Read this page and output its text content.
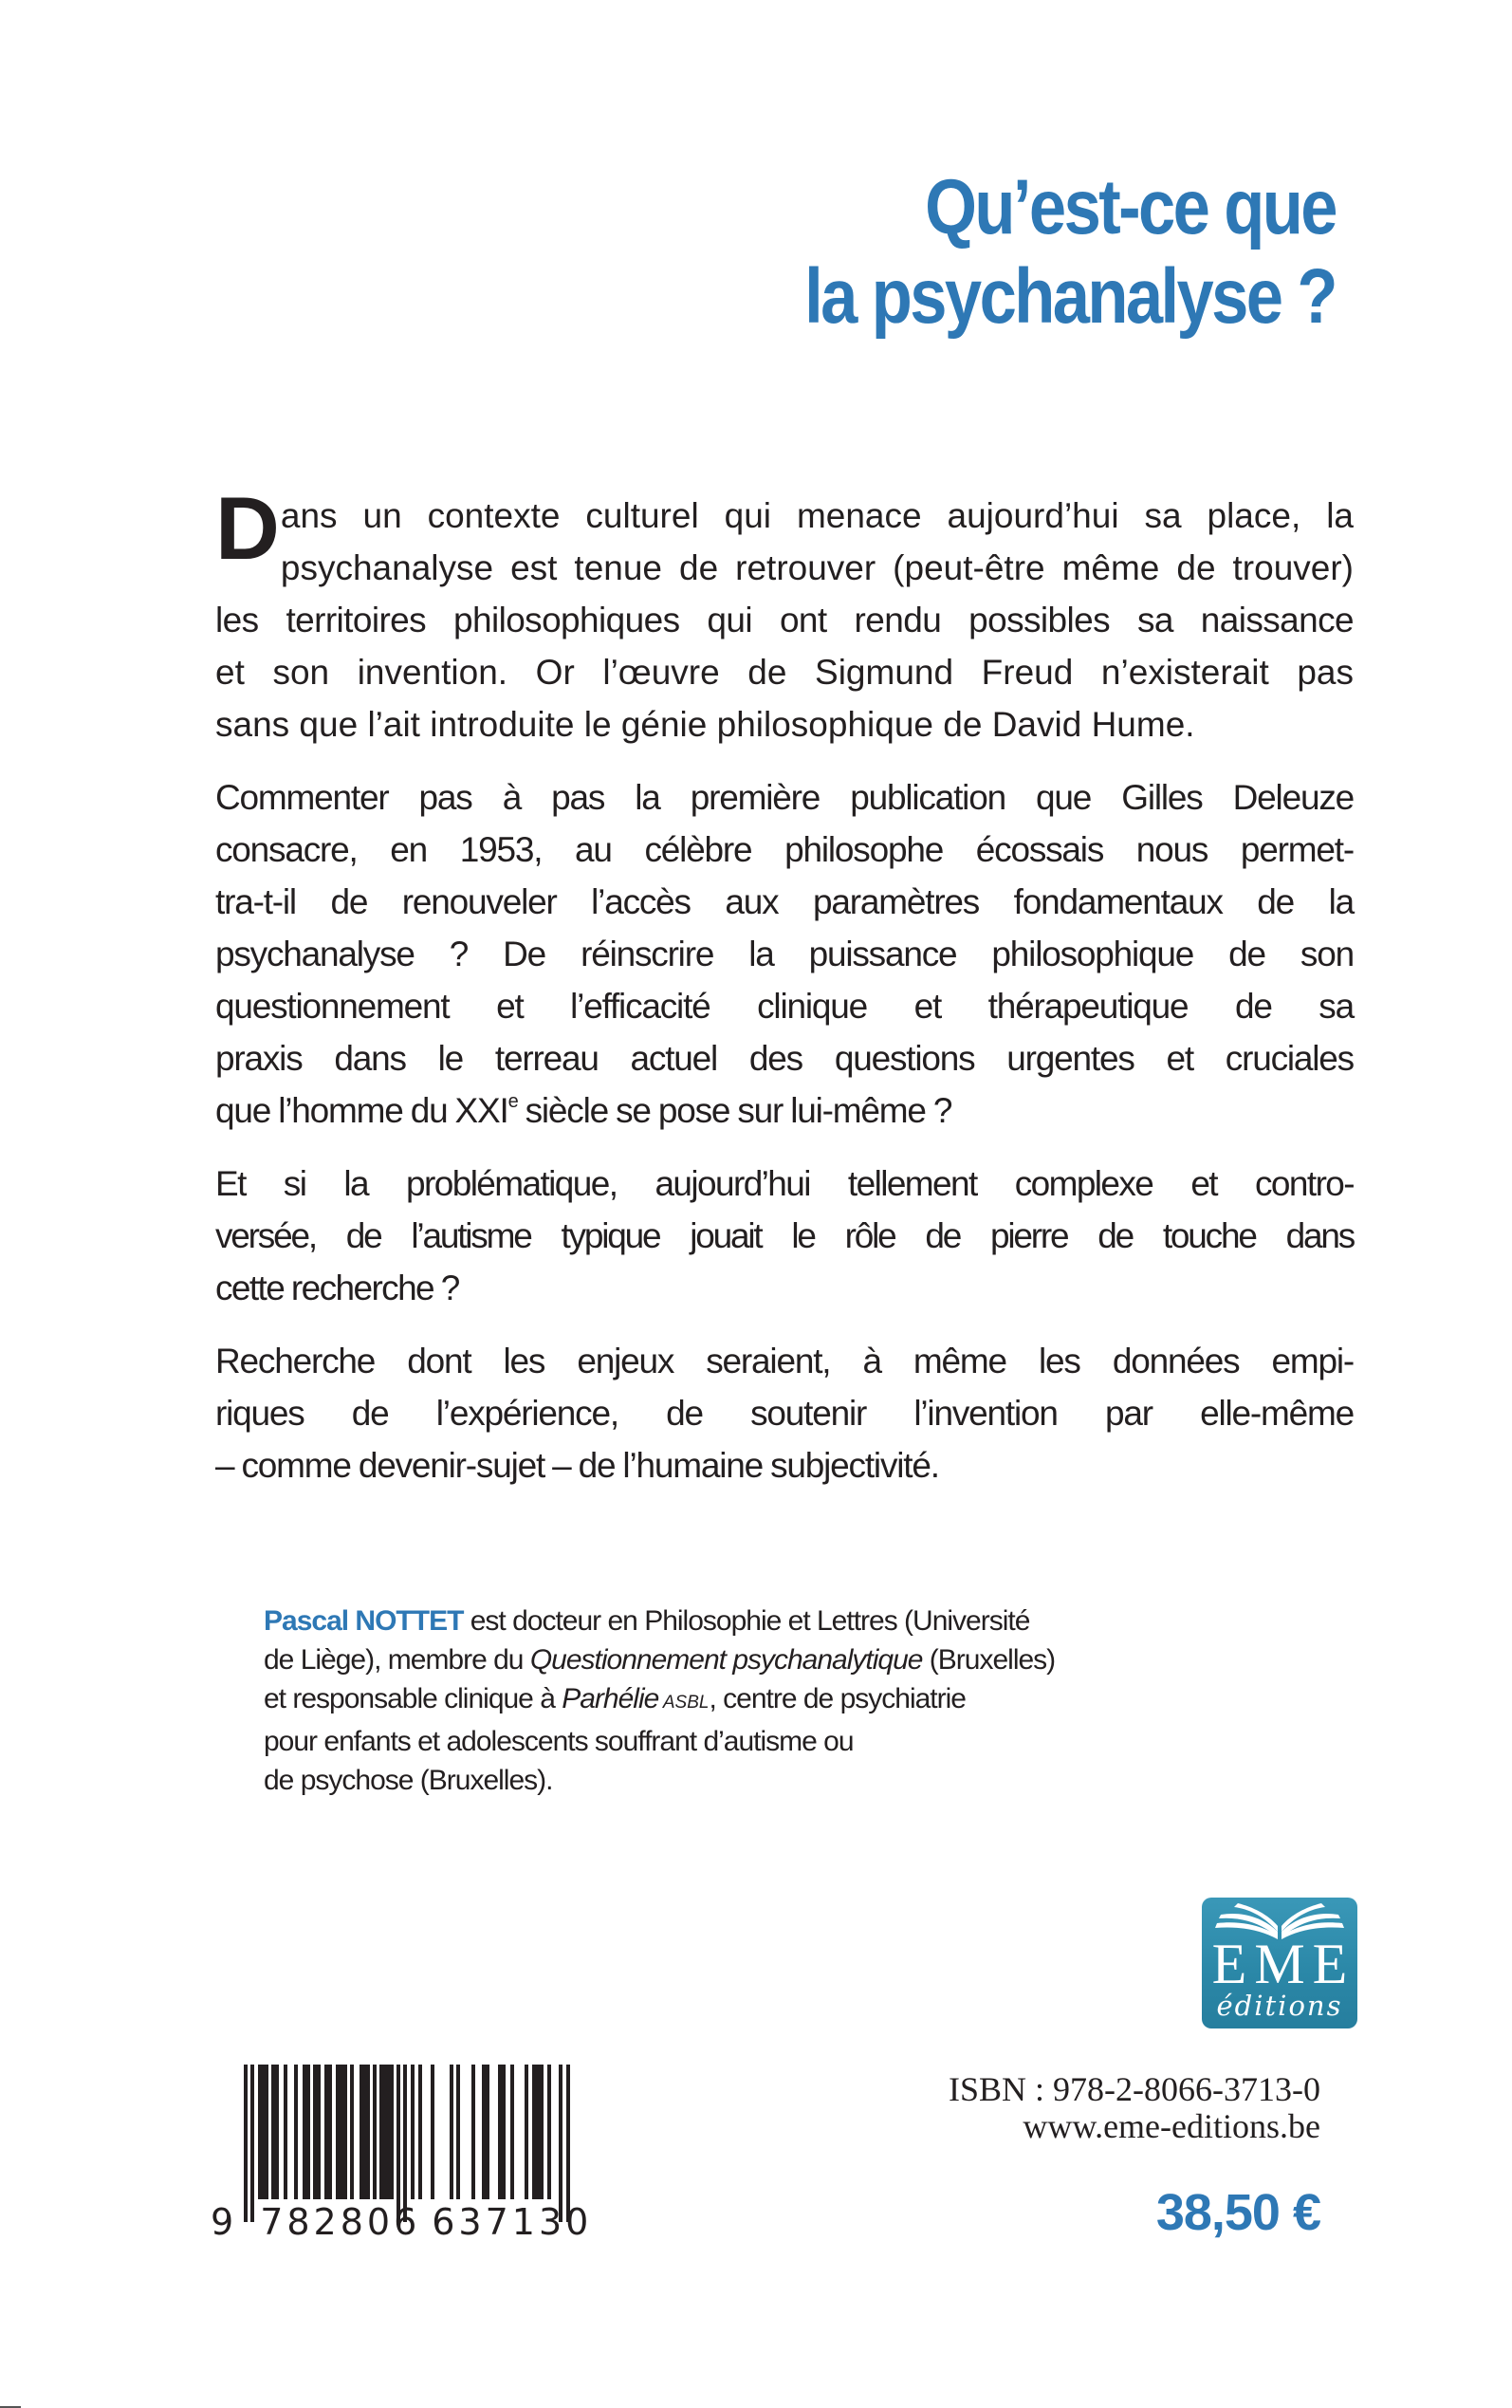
Qu’est-ce que
la psychanalyse ?
D ans un contexte culturel qui menace aujourd’hui sa place, la
psychanalyse est tenue de retrouver (peut-être même de trouver)
les territoires philosophiques qui ont rendu possibles sa naissance
et son invention. Or l’œuvre de Sigmund Freud n’existerait pas
sans que l’ait introduite le génie philosophique de David Hume.
Commenter pas à pas la première publication que Gilles Deleuze
consacre, en 1953, au célèbre philosophe écossais nous permet-
tra-t-il de renouveler l’accès aux paramètres fondamentaux de la
psychanalyse ? De réinscrire la puissance philosophique de son
questionnement et l’efficacité clinique et thérapeutique de sa
praxis dans le terreau actuel des questions urgentes et cruciales
que l’homme du XXIe siècle se pose sur lui-même ?
Et si la problématique, aujourd’hui tellement complexe et contro-
versée, de l’autisme typique jouait le rôle de pierre de touche dans
cette recherche ?
Recherche dont les enjeux seraient, à même les données empi-
riques de l’expérience, de soutenir l’invention par elle-même
– comme devenir-sujet – de l’humaine subjectivité.
Pascal NOTTET est docteur en Philosophie et Lettres (Université
de Liège), membre du Questionnement psychanalytique (Bruxelles)
et responsable clinique à Parhélie ASBL, centre de psychiatrie
pour enfants et adolescents souffrant d’autisme ou
de psychose (Bruxelles).
EME
éditions
9 782806 637130
ISBN : 978-2-8066-3713-0
www.eme-editions.be
38,50 €
